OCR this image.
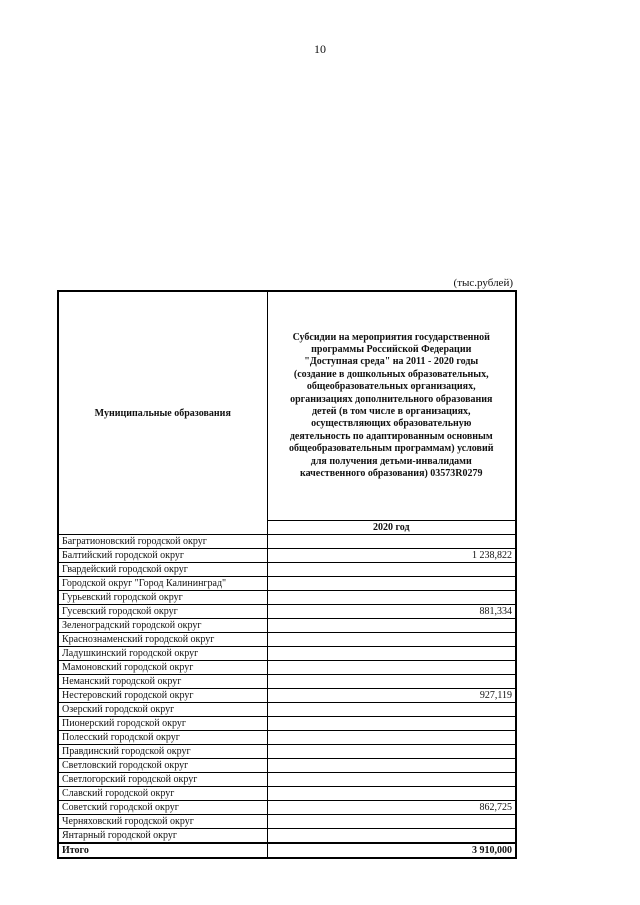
10
(тыс.рублей)
Муниципальные образования	Субсидии на мероприятия государственной программы Российской Федерации "Доступная среда" на 2011 - 2020 годы (создание в дошкольных образовательных, общеобразовательных организациях, организациях дополнительного образования детей (в том числе в организациях, осуществляющих образовательную деятельность по адаптированным основным общеобразовательным программам) условий для получения детьми-инвалидами качественного образования) 03573R0279
	2020 год
Багратионовский городской округ	
Балтийский городской округ	1 238,822
Гвардейский городской округ	
Городской округ "Город Калининград"	
Гурьевский городской округ	
Гусевский городской округ	881,334
Зеленоградский городской округ	
Краснознаменский городской округ	
Ладушкинский городской округ	
Мамоновский городской округ	
Неманский городской округ	
Нестеровский городской округ	927,119
Озерский городской округ	
Пионерский городской округ	
Полесский городской округ	
Правдинский городской округ	
Светловский городской округ	
Светлогорский городской округ	
Славский городской округ	
Советский городской округ	862,725
Черняховский городской округ	
Янтарный городской округ	
Итого	3 910,000
